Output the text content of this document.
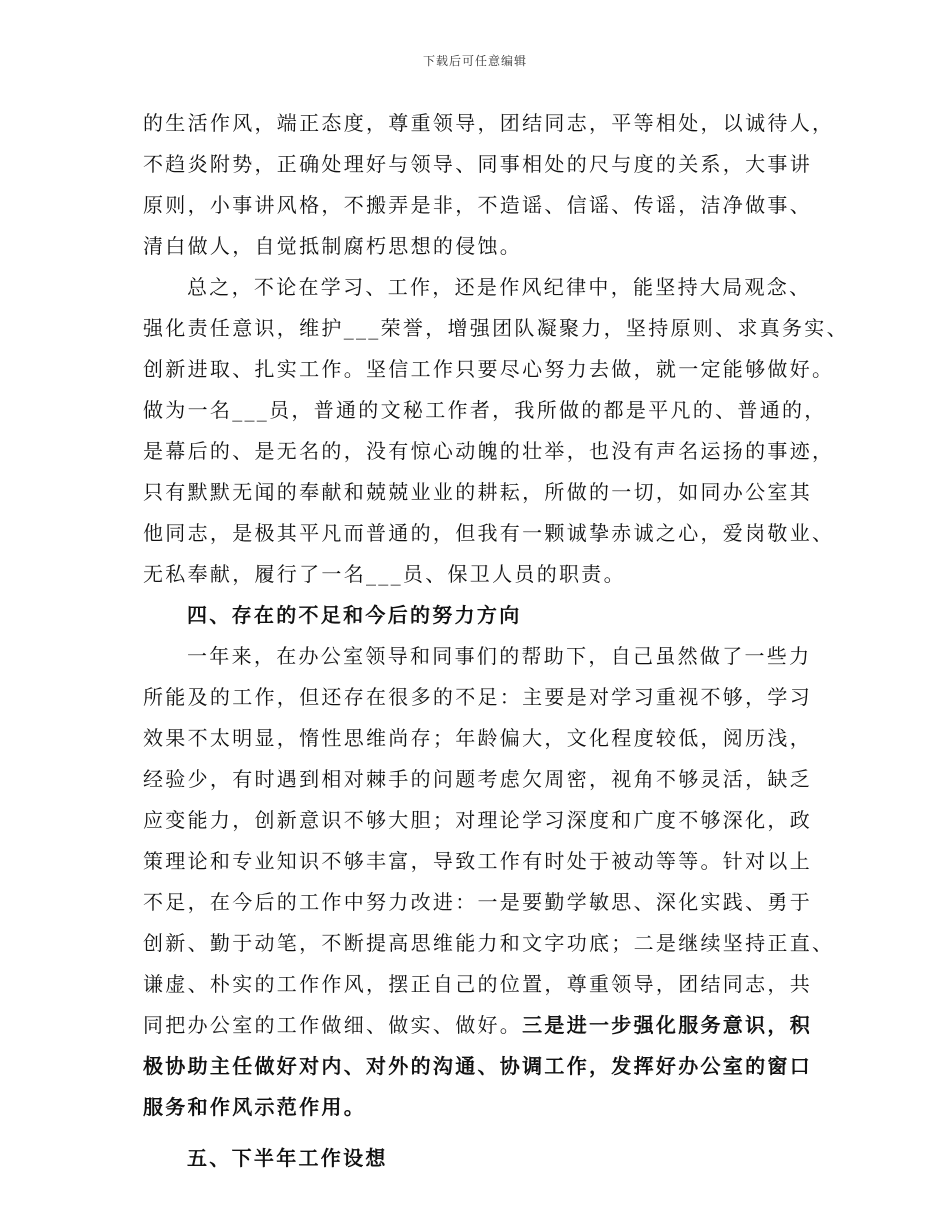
下载后可任意编辑
的生活作风，端正态度，尊重领导，团结同志，平等相处，以诚待人，
不趋炎附势，正确处理好与领导、同事相处的尺与度的关系，大事讲
原则，小事讲风格，不搬弄是非，不造谣、信谣、传谣，洁净做事、
清白做人，自觉抵制腐朽思想的侵蚀。
总之，不论在学习、工作，还是作风纪律中，能坚持大局观念、
强化责任意识，维护___荣誉，增强团队凝聚力，坚持原则、求真务实、
创新进取、扎实工作。坚信工作只要尽心努力去做，就一定能够做好。
做为一名___员，普通的文秘工作者，我所做的都是平凡的、普通的，
是幕后的、是无名的，没有惊心动魄的壮举，也没有声名运扬的事迹，
只有默默无闻的奉献和兢兢业业的耕耘，所做的一切，如同办公室其
他同志，是极其平凡而普通的，但我有一颗诚挚赤诚之心，爱岗敬业、
无私奉献，履行了一名___员、保卫人员的职责。
四、存在的不足和今后的努力方向
一年来，在办公室领导和同事们的帮助下，自己虽然做了一些力
所能及的工作，但还存在很多的不足：主要是对学习重视不够，学习
效果不太明显，惰性思维尚存；年龄偏大，文化程度较低，阅历浅，
经验少，有时遇到相对棘手的问题考虑欠周密，视角不够灵活，缺乏
应变能力，创新意识不够大胆；对理论学习深度和广度不够深化，政
策理论和专业知识不够丰富，导致工作有时处于被动等等。针对以上
不足，在今后的工作中努力改进：一是要勤学敏思、深化实践、勇于
创新、勤于动笔，不断提高思维能力和文字功底；二是继续坚持正直、
谦虚、朴实的工作作风，摆正自己的位置，尊重领导，团结同志，共
同把办公室的工作做细、做实、做好。三是进一步强化服务意识，积
极协助主任做好对内、对外的沟通、协调工作，发挥好办公室的窗口
服务和作风示范作用。
五、下半年工作设想
